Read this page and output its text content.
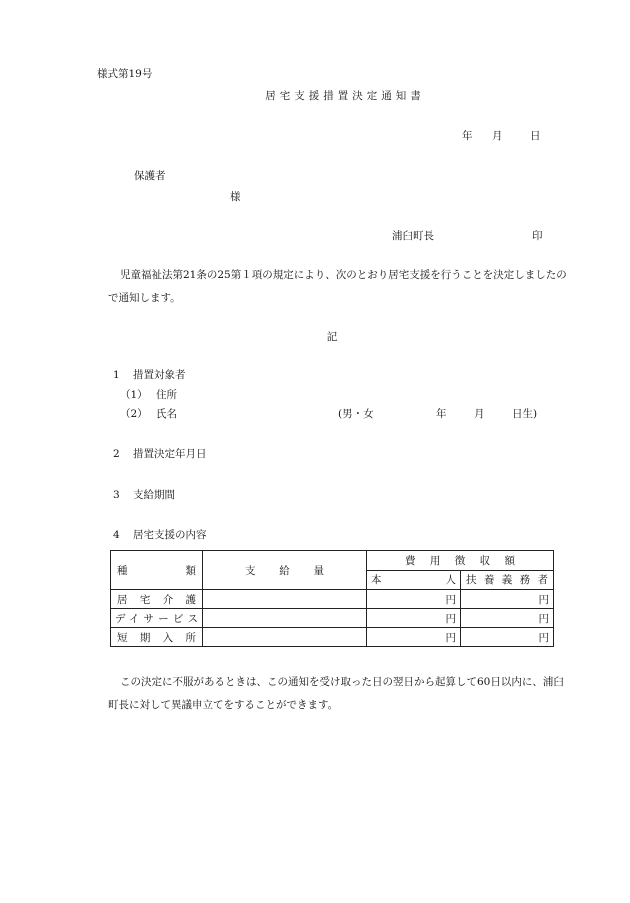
様式第19号
居宅支援措置決定通知書
年 月	日
保護者
様
浦臼町長	印
児童福祉法第21条の25第１項の規定により、次のとおり居宅支援を行うことを決定しましたので通知します。
記
1 措置対象者
（1） 住所
（2） 氏名	(男・女	年	月	日生)
2 措置決定年月日
3 支給期間
4 居宅支援の内容
種類	支給量	費用徴収額	

		本人	扶養義務者

居宅介護		円	円

デイサービス		円	円

短期入所		円	円
この決定に不服があるときは、この通知を受け取った日の翌日から起算して60日以内に、浦臼町長に対して異議申立てをすることができます。
